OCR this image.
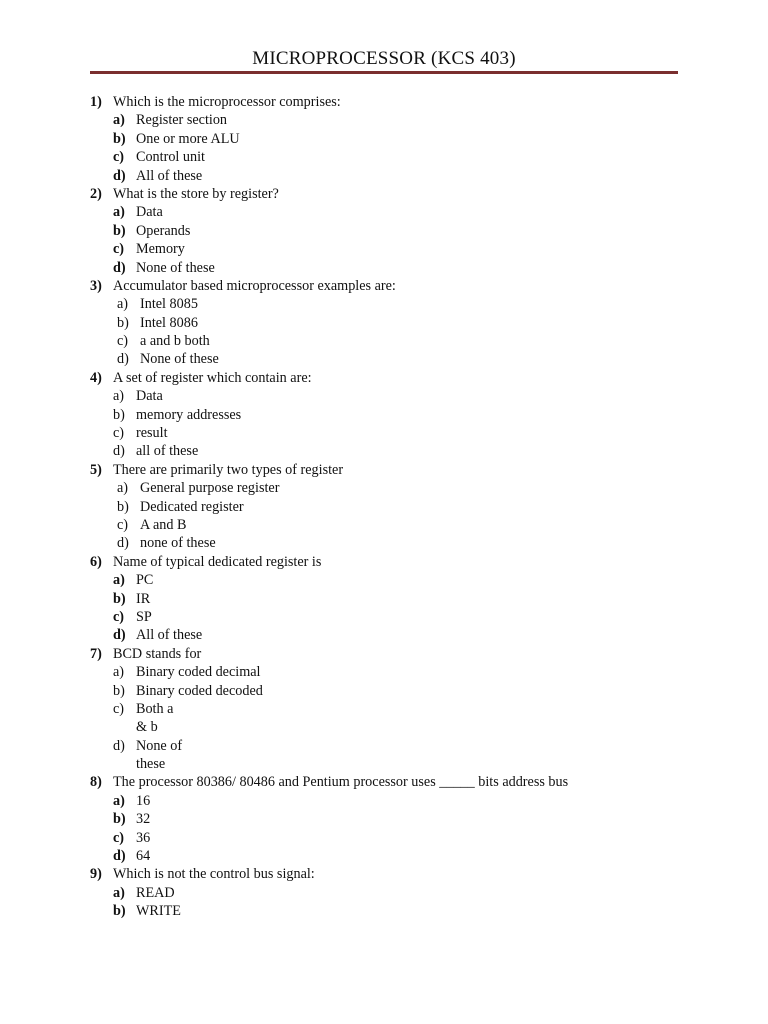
MICROPROCESSOR (KCS 403)
1) Which is the microprocessor comprises:
a) Register section
b) One or more ALU
c) Control unit
d) All of these
2) What is the store by register?
a) Data
b) Operands
c) Memory
d) None of these
3) Accumulator based microprocessor examples are:
a) Intel 8085
b) Intel 8086
c) a and b both
d) None of these
4) A set of register which contain are:
a) Data
b) memory addresses
c) result
d) all of these
5) There are primarily two types of register
a) General purpose register
b) Dedicated register
c) A and B
d) none of these
6) Name of typical dedicated register is
a) PC
b) IR
c) SP
d) All of these
7) BCD stands for
a) Binary coded decimal
b) Binary coded decoded
c) Both a
& b
d) None of
these
8) The processor 80386/ 80486 and Pentium processor uses _____ bits address bus
a) 16
b) 32
c) 36
d) 64
9) Which is not the control bus signal:
a) READ
b) WRITE
